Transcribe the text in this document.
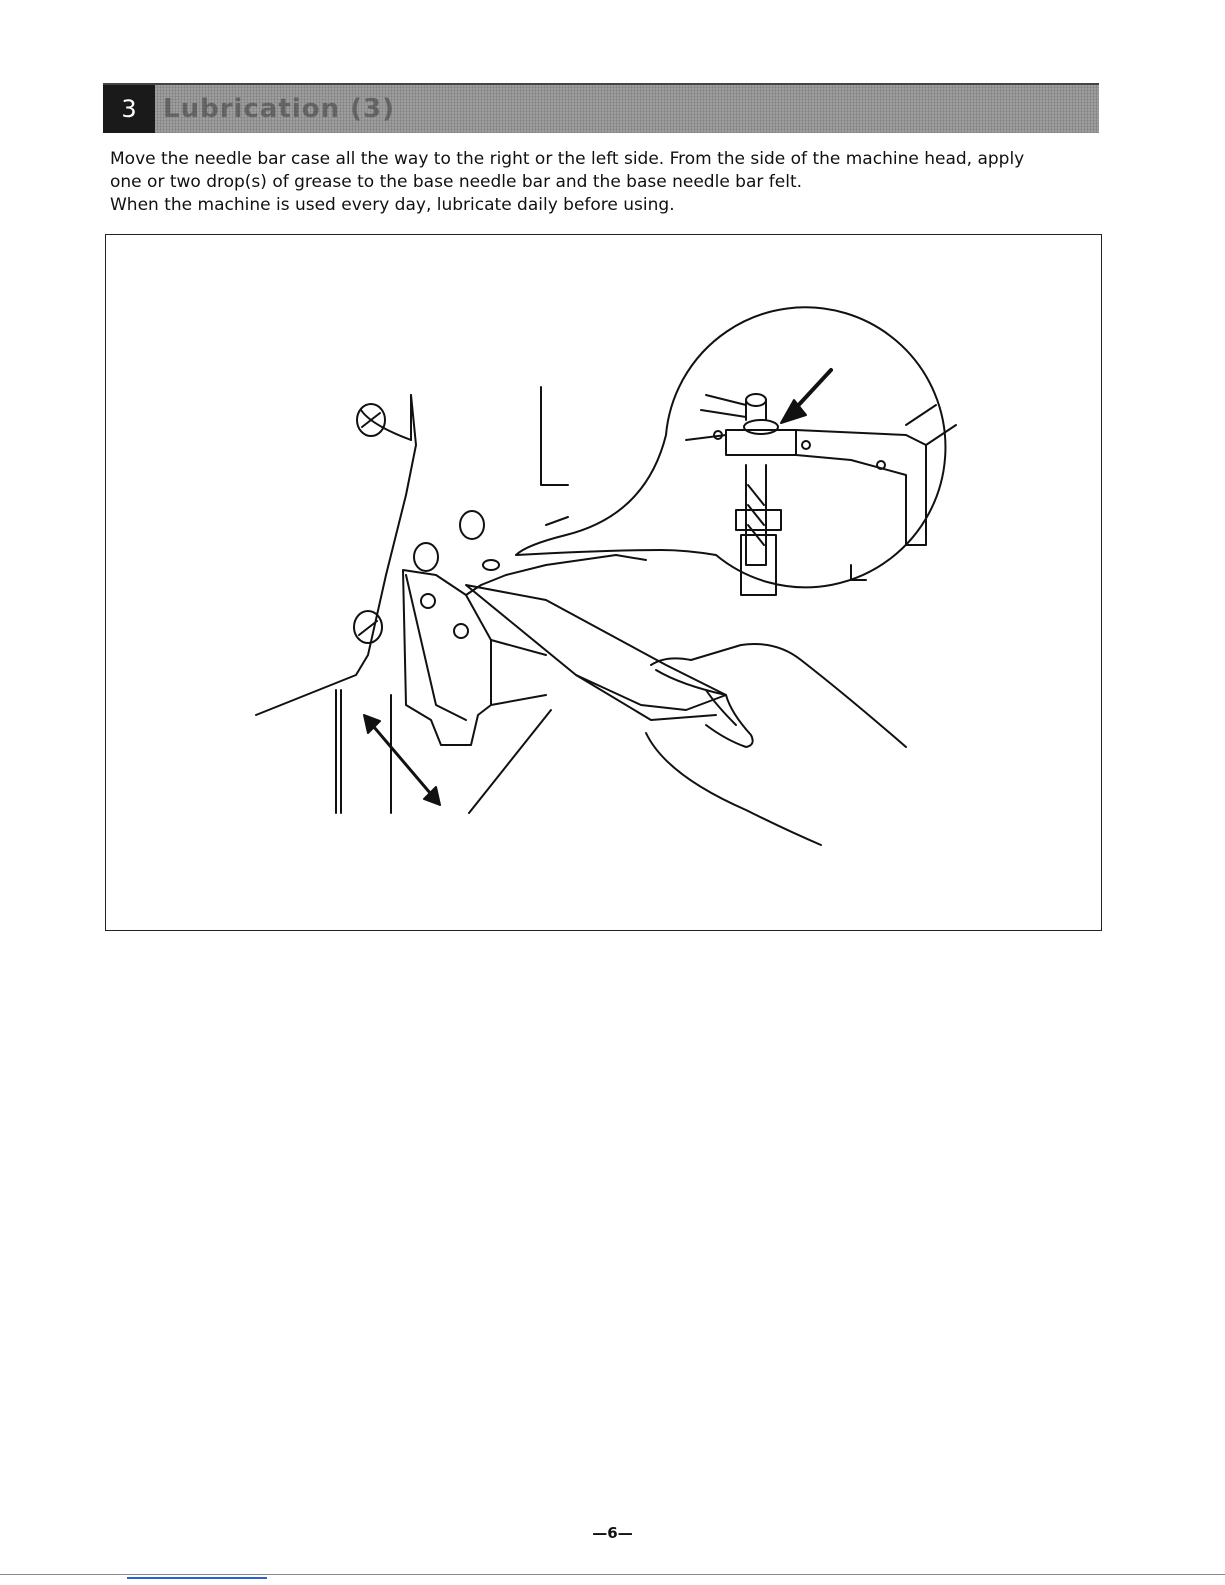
3	Lubrication (3)

Move the needle bar case all the way to the right or the left side. From the side of the machine head, apply

one or two drop(s) of grease to the base needle bar and the base needle bar felt.

When the machine is used every day, lubricate daily before using.

—6—
